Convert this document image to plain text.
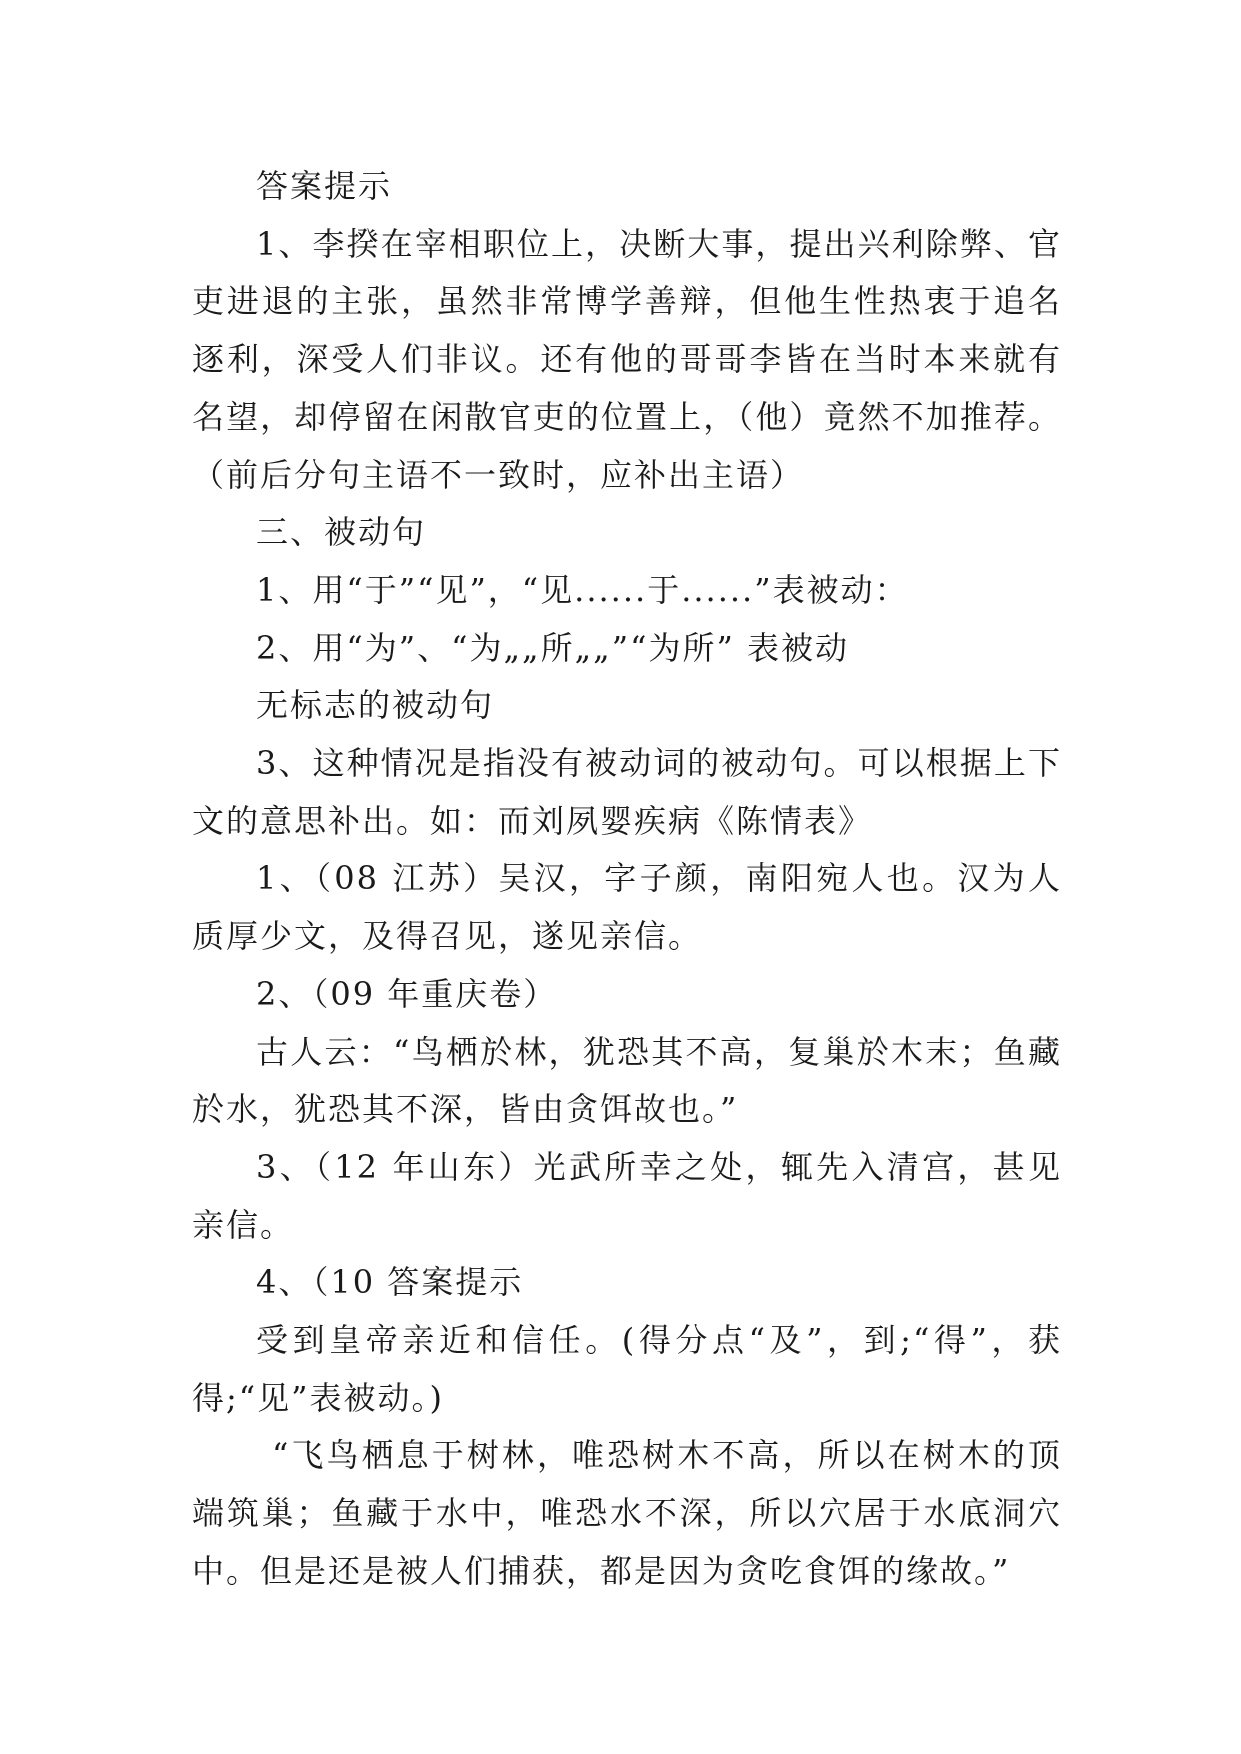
答案提示

1、李揆在宰相职位上，决断大事，提出兴利除弊、官吏进退的主张，虽然非常博学善辩，但他生性热衷于追名逐利，深受人们非议。还有他的哥哥李皆在当时本来就有名望，却停留在闲散官吏的位置上，（他）竟然不加推荐。（前后分句主语不一致时，应补出主语）

三、被动句

1、用“于”“见”，“见......于......”表被动：

2、用“为”、“为„„所„„”“为所” 表被动

无标志的被动句

3、这种情况是指没有被动词的被动句。可以根据上下文的意思补出。如：而刘夙婴疾病《陈情表》

1、（08 江苏）吴汉，字子颜，南阳宛人也。汉为人质厚少文，及得召见，遂见亲信。

2、（09 年重庆卷）

古人云：“鸟栖於林，犹恐其不高，复巢於木末；鱼藏於水，犹恐其不深，皆由贪饵故也。”

3、（12 年山东）光武所幸之处，辄先入清宫，甚见亲信。

4、（10 答案提示

受到皇帝亲近和信任。(得分点“及”，到;“得”，获得;“见”表被动。)

“飞鸟栖息于树林，唯恐树木不高，所以在树木的顶端筑巢；鱼藏于水中，唯恐水不深，所以穴居于水底洞穴中。但是还是被人们捕获，都是因为贪吃食饵的缘故。”
